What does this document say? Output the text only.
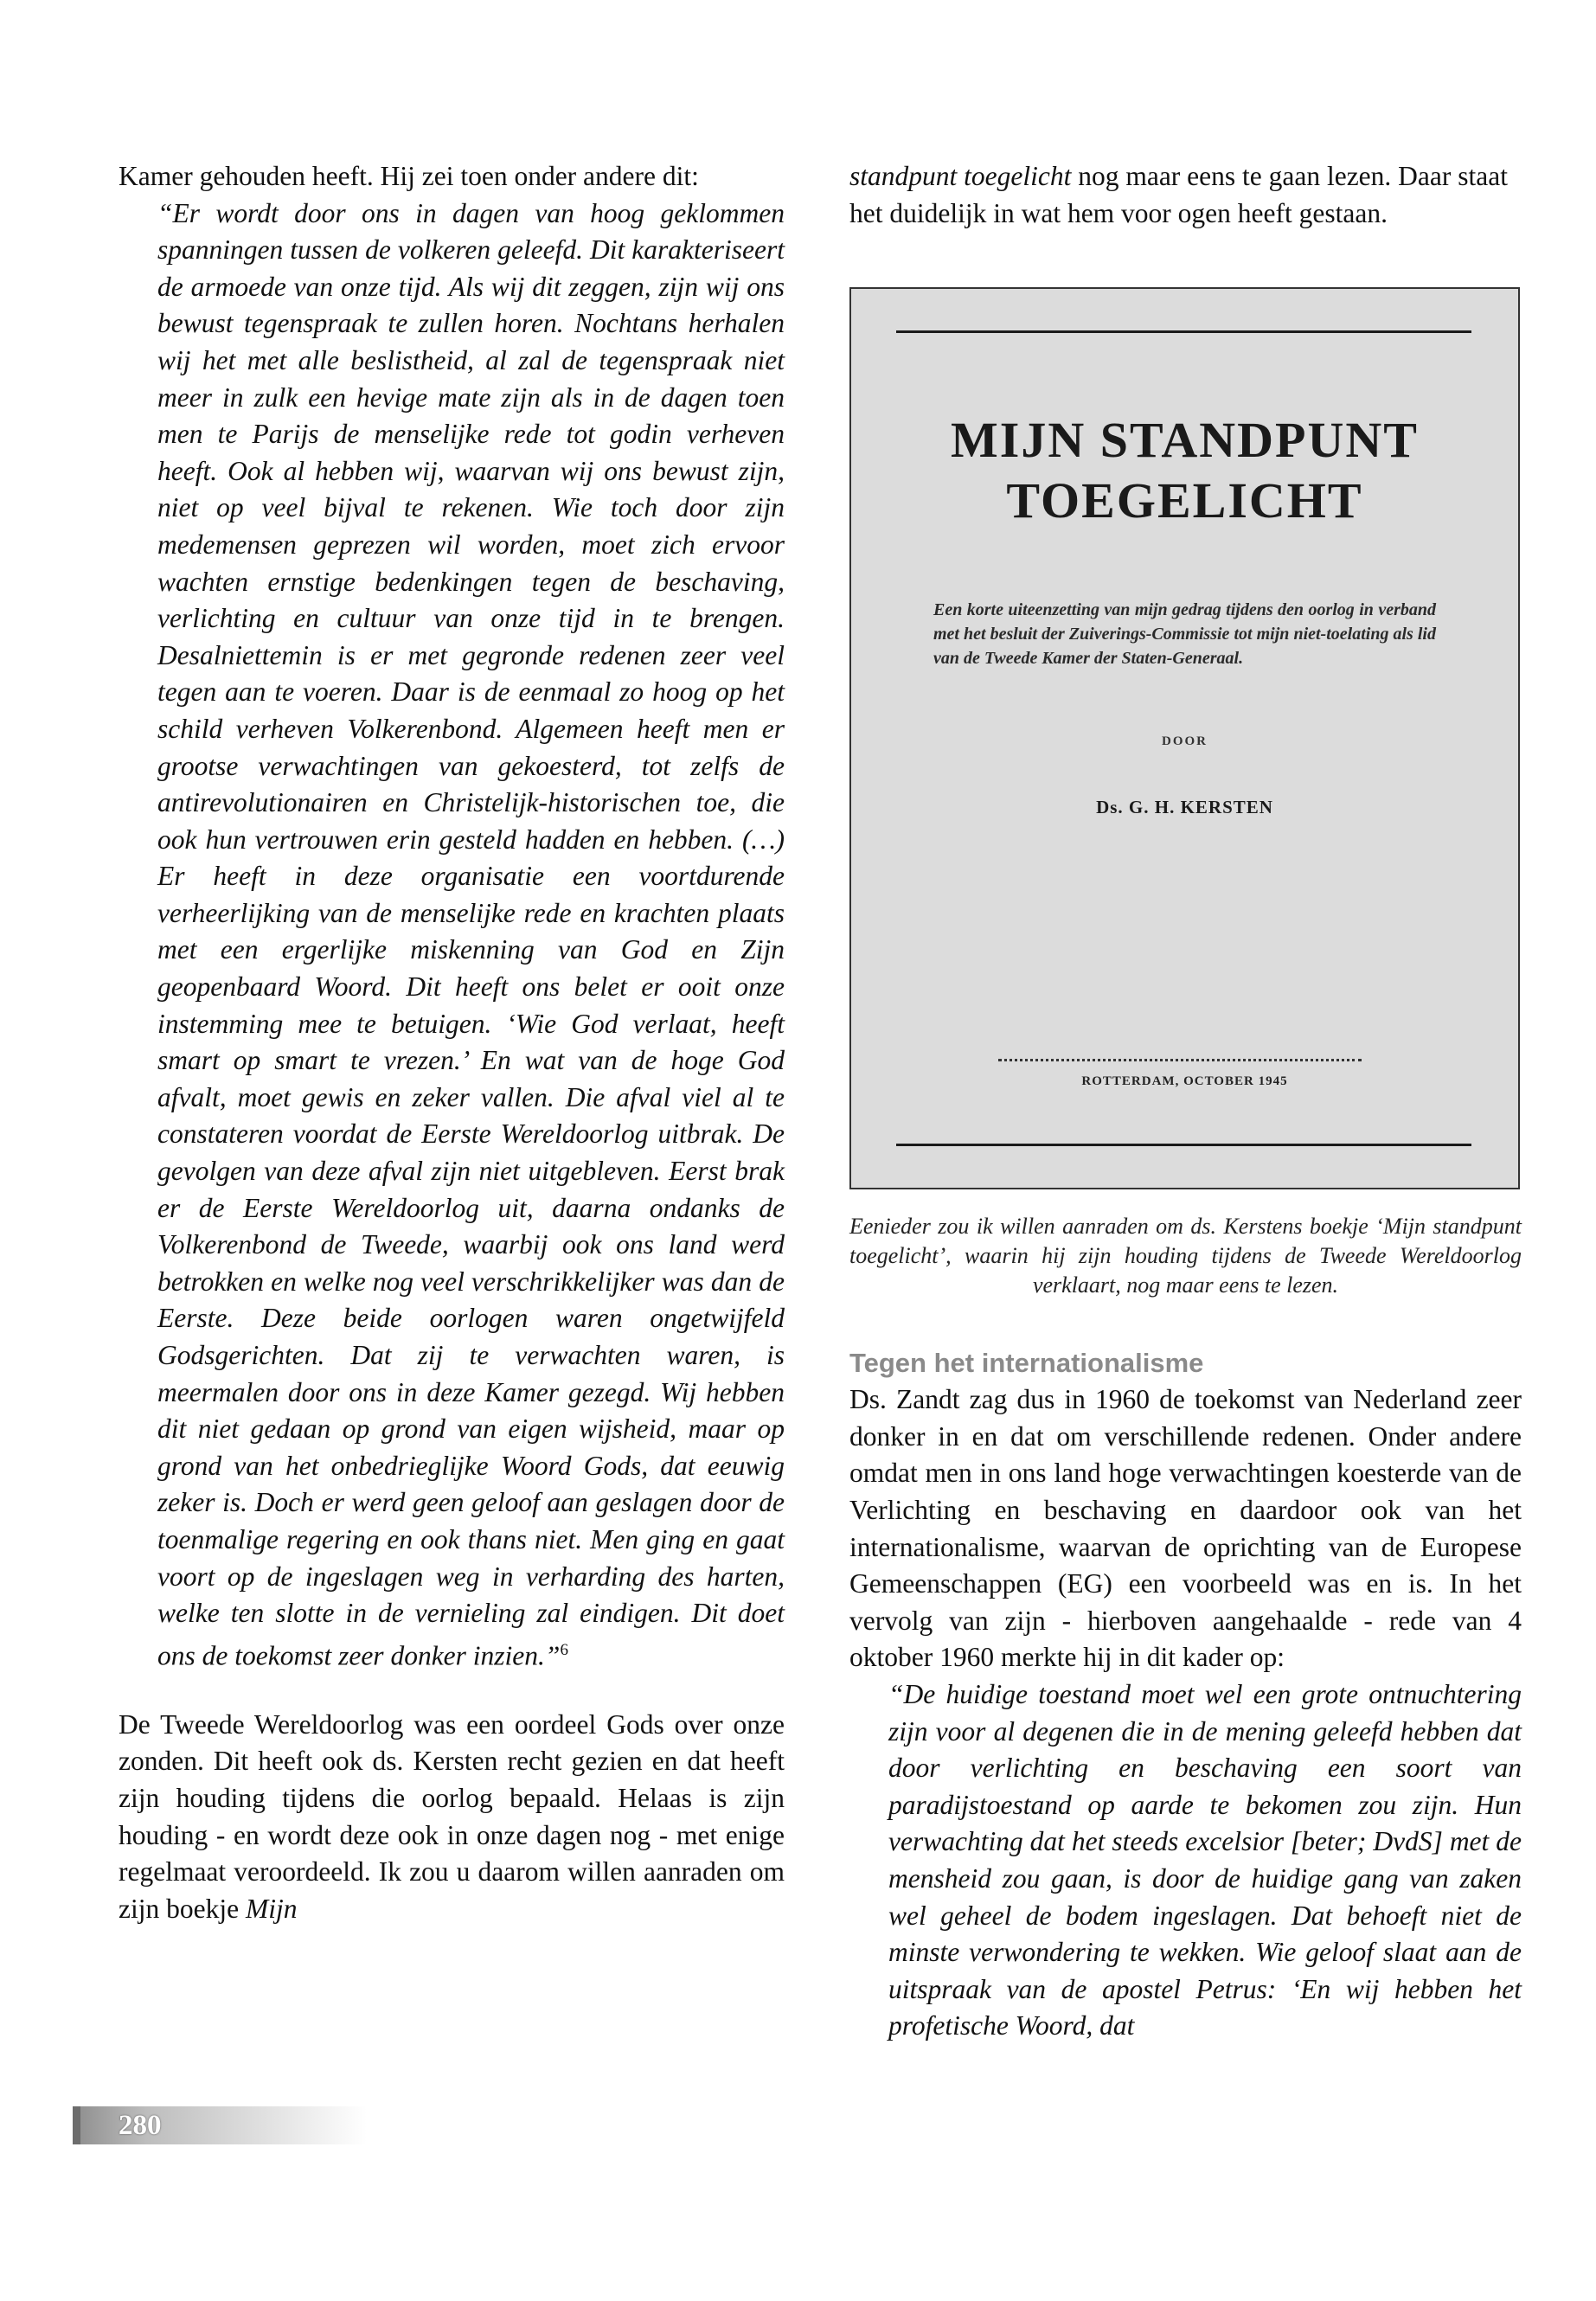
Kamer gehouden heeft. Hij zei toen onder andere dit:

“Er wordt door ons in dagen van hoog geklommen spanningen tussen de volkeren geleefd. Dit karakteriseert de armoede van onze tijd. Als wij dit zeggen, zijn wij ons bewust tegenspraak te zullen horen. Nochtans herhalen wij het met alle beslistheid, al zal de tegenspraak niet meer in zulk een hevige mate zijn als in de dagen toen men te Parijs de menselijke rede tot godin verheven heeft. Ook al hebben wij, waarvan wij ons bewust zijn, niet op veel bijval te rekenen. Wie toch door zijn medemensen geprezen wil worden, moet zich ervoor wachten ernstige bedenkingen tegen de beschaving, verlichting en cultuur van onze tijd in te brengen. Desalniettemin is er met gegronde redenen zeer veel tegen aan te voeren. Daar is de eenmaal zo hoog op het schild verheven Volkerenbond. Algemeen heeft men er grootse verwachtingen van gekoesterd, tot zelfs de antirevolutionairen en Christelijk-historischen toe, die ook hun vertrouwen erin gesteld hadden en hebben. (…) Er heeft in deze organisatie een voortdurende verheerlijking van de menselijke rede en krachten plaats met een ergerlijke miskenning van God en Zijn geopenbaard Woord. Dit heeft ons belet er ooit onze instemming mee te betuigen. ‘Wie God verlaat, heeft smart op smart te vrezen.’ En wat van de hoge God afvalt, moet gewis en zeker vallen. Die afval viel al te constateren voordat de Eerste Wereldoorlog uitbrak. De gevolgen van deze afval zijn niet uitgebleven. Eerst brak er de Eerste Wereldoorlog uit, daarna ondanks de Volkerenbond de Tweede, waarbij ook ons land werd betrokken en welke nog veel verschrikkelijker was dan de Eerste. Deze beide oorlogen waren ongetwijfeld Godsgerichten. Dat zij te verwachten waren, is meermalen door ons in deze Kamer gezegd. Wij hebben dit niet gedaan op grond van eigen wijsheid, maar op grond van het onbedrieglijke Woord Gods, dat eeuwig zeker is. Doch er werd geen geloof aan geslagen door de toenmalige regering en ook thans niet. Men ging en gaat voort op de ingeslagen weg in verharding des harten, welke ten slotte in de vernieling zal eindigen. Dit doet ons de toekomst zeer donker inzien.”$^6$

De Tweede Wereldoorlog was een oordeel Gods over onze zonden. Dit heeft ook ds. Kersten recht gezien en dat heeft zijn houding tijdens die oorlog bepaald. Helaas is zijn houding - en wordt deze ook in onze dagen nog - met enige regelmaat veroordeeld. Ik zou u daarom willen aanraden om zijn boekje Mijn

standpunt toegelicht nog maar eens te gaan lezen. Daar staat het duidelijk in wat hem voor ogen heeft gestaan.

MIJN STANDPUNT
TOEGELICHT
Een korte uiteenzetting van mijn gedrag tijdens den oorlog in verband met het besluit der Zuiverings-Commissie tot mijn niet-toelating als lid van de Tweede Kamer der Staten-Generaal.
DOOR
Ds. G. H. KERSTEN
ROTTERDAM, OCTOBER 1945
Eenieder zou ik willen aanraden om ds. Kerstens boekje ‘Mijn standpunt toegelicht’, waarin hij zijn houding tijdens de Tweede Wereldoorlog verklaart, nog maar eens te lezen.
Tegen het internationalisme

Ds. Zandt zag dus in 1960 de toekomst van Nederland zeer donker in en dat om verschillende redenen. Onder andere omdat men in ons land hoge verwachtingen koesterde van de Verlichting en beschaving en daardoor ook van het internationalisme, waarvan de oprichting van de Europese Gemeenschappen (EG) een voorbeeld was en is. In het vervolg van zijn - hierboven aangehaalde - rede van 4 oktober 1960 merkte hij in dit kader op:

“De huidige toestand moet wel een grote ontnuchtering zijn voor al degenen die in de mening geleefd hebben dat door verlichting en beschaving een soort van paradijstoestand op aarde te bekomen zou zijn. Hun verwachting dat het steeds excelsior [beter; DvdS] met de mensheid zou gaan, is door de huidige gang van zaken wel geheel de bodem ingeslagen. Dat behoeft niet de minste verwondering te wekken. Wie geloof slaat aan de uitspraak van de apostel Petrus: ‘En wij hebben het profetische Woord, dat
280
